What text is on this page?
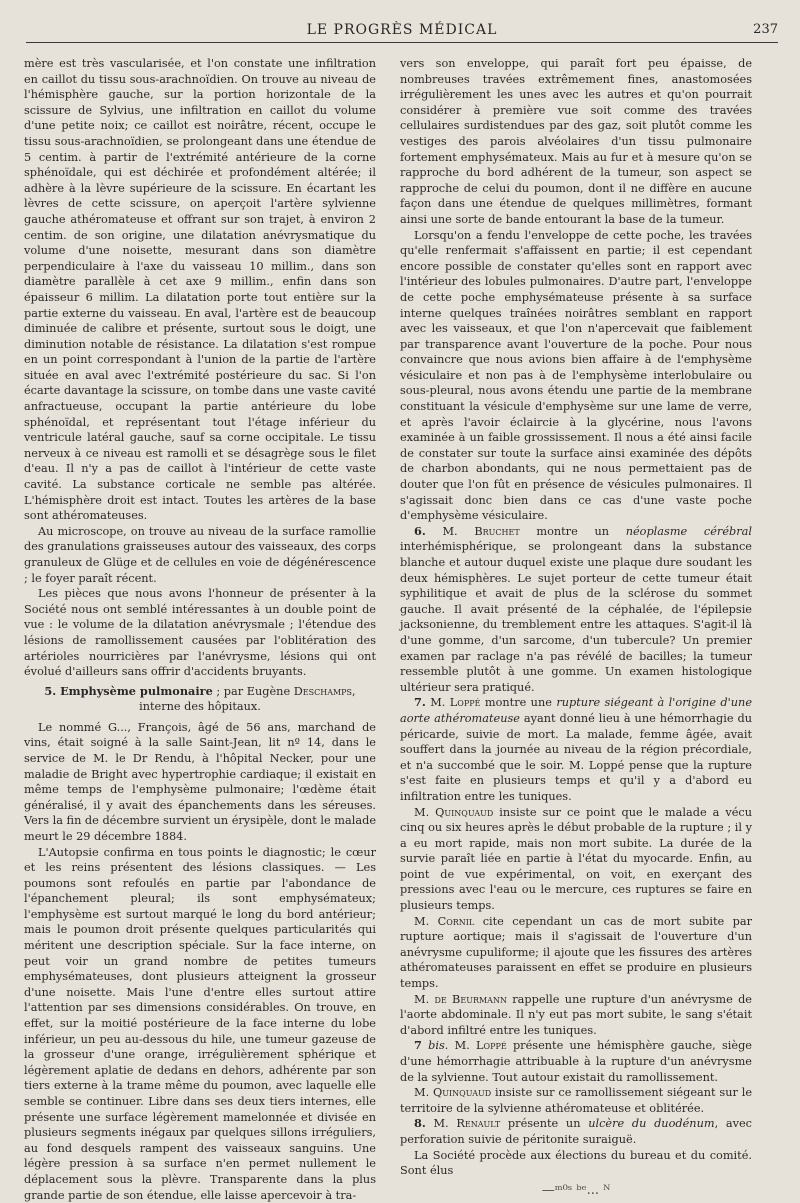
LE PROGRÈS MÉDICAL	237

mère est très vascularisée, et l'on constate une infiltration en caillot du tissu sous-arachnoïdien. On trouve au niveau de l'hémisphère gauche, sur la portion horizontale de la scissure de Sylvius, une infiltration en caillot du volume d'une petite noix; ce caillot est noirâtre, récent, occupe le tissu sous-arachnoïdien, se prolongeant dans une étendue de 5 centim. à partir de l'extrémité antérieure de la corne sphénoïdale, qui est déchirée et profondément altérée; il adhère à la lèvre supérieure de la scissure. En écartant les lèvres de cette scissure, on aperçoit l'artère sylvienne gauche athéromateuse et offrant sur son trajet, à environ 2 centim. de son origine, une dilatation anévrysmatique du volume d'une noisette, mesurant dans son diamètre perpendiculaire à l'axe du vaisseau 10 millim., dans son diamètre parallèle à cet axe 9 millim., enfin dans son épaisseur 6 millim. La dilatation porte tout entière sur la partie externe du vaisseau. En aval, l'artère est de beaucoup diminuée de calibre et présente, surtout sous le doigt, une diminution notable de résistance. La dilatation s'est rompue en un point correspondant à l'union de la partie de l'artère située en aval avec l'extrémité postérieure du sac. Si l'on écarte davantage la scissure, on tombe dans une vaste cavité anfractueuse, occupant la partie antérieure du lobe sphénoïdal, et représentant tout l'étage inférieur du ventricule latéral gauche, sauf sa corne occipitale. Le tissu nerveux à ce niveau est ramolli et se désagrège sous le filet d'eau. Il n'y a pas de caillot à l'intérieur de cette vaste cavité. La substance corticale ne semble pas altérée. L'hémisphère droit est intact. Toutes les artères de la base sont athéromateuses.

Au microscope, on trouve au niveau de la surface ramollie des granulations graisseuses autour des vaisseaux, des corps granuleux de Glüge et de cellules en voie de dégénérescence ; le foyer paraît récent.

Les pièces que nous avons l'honneur de présenter à la Société nous ont semblé intéressantes à un double point de vue : le volume de la dilatation anévrysmale ; l'étendue des lésions de ramollissement causées par l'oblitération des artérioles nourricières par l'anévrysme, lésions qui ont évolué d'ailleurs sans offrir d'accidents bruyants.

5. Emphysème pulmonaire ; par Eugène Deschamps,
interne des hôpitaux.

Le nommé G..., François, âgé de 56 ans, marchand de vins, était soigné à la salle Saint-Jean, lit nº 14, dans le service de M. le Dr Rendu, à l'hôpital Necker, pour une maladie de Bright avec hypertrophie cardiaque; il existait en même temps de l'emphysème pulmonaire; l'œdème était généralisé, il y avait des épanchements dans les séreuses. Vers la fin de décembre survient un érysipèle, dont le malade meurt le 29 décembre 1884.

L'Autopsie confirma en tous points le diagnostic; le cœur et les reins présentent des lésions classiques. — Les poumons sont refoulés en partie par l'abondance de l'épanchement pleural; ils sont emphysémateux; l'emphysème est surtout marqué le long du bord antérieur; mais le poumon droit présente quelques particularités qui méritent une description spéciale. Sur la face interne, on peut voir un grand nombre de petites tumeurs emphysémateuses, dont plusieurs atteignent la grosseur d'une noisette. Mais l'une d'entre elles surtout attire l'attention par ses dimensions considérables. On trouve, en effet, sur la moitié postérieure de la face interne du lobe inférieur, un peu au-dessous du hile, une tumeur gazeuse de la grosseur d'une orange, irrégulièrement sphérique et légèrement aplatie de dedans en dehors, adhérente par son tiers externe à la trame même du poumon, avec laquelle elle semble se continuer. Libre dans ses deux tiers internes, elle présente une surface légèrement mamelonnée et divisée en plusieurs segments inégaux par quelques sillons irréguliers, au fond desquels rampent des vaisseaux sanguins. Une légère pression à sa surface n'en permet nullement le déplacement sous la plèvre. Transparente dans la plus grande partie de son étendue, elle laisse apercevoir à tra-

vers son enveloppe, qui paraît fort peu épaisse, de nombreuses travées extrêmement fines, anastomosées irrégulièrement les unes avec les autres et qu'on pourrait considérer à première vue soit comme des travées cellulaires surdistendues par des gaz, soit plutôt comme les vestiges des parois alvéolaires d'un tissu pulmonaire fortement emphysémateux. Mais au fur et à mesure qu'on se rapproche du bord adhérent de la tumeur, son aspect se rapproche de celui du poumon, dont il ne diffère en aucune façon dans une étendue de quelques millimètres, formant ainsi une sorte de bande entourant la base de la tumeur.

Lorsqu'on a fendu l'enveloppe de cette poche, les travées qu'elle renfermait s'affaissent en partie; il est cependant encore possible de constater qu'elles sont en rapport avec l'intérieur des lobules pulmonaires. D'autre part, l'enveloppe de cette poche emphysémateuse présente à sa surface interne quelques traînées noirâtres semblant en rapport avec les vaisseaux, et que l'on n'apercevait que faiblement par transparence avant l'ouverture de la poche. Pour nous convaincre que nous avions bien affaire à de l'emphysème vésiculaire et non pas à de l'emphysème interlobulaire ou sous-pleural, nous avons étendu une partie de la membrane constituant la vésicule d'emphysème sur une lame de verre, et après l'avoir éclaircie à la glycérine, nous l'avons examinée à un faible grossissement. Il nous a été ainsi facile de constater sur toute la surface ainsi examinée des dépôts de charbon abondants, qui ne nous permettaient pas de douter que l'on fût en présence de vésicules pulmonaires. Il s'agissait donc bien dans ce cas d'une vaste poche d'emphysème vésiculaire.

6. M. Bruchet montre un néoplasme cérébral interhémisphérique, se prolongeant dans la substance blanche et autour duquel existe une plaque dure soudant les deux hémisphères. Le sujet porteur de cette tumeur était syphilitique et avait de plus de la sclérose du sommet gauche. Il avait présenté de la céphalée, de l'épilepsie jacksonienne, du tremblement entre les attaques. S'agit-il là d'une gomme, d'un sarcome, d'un tubercule? Un premier examen par raclage n'a pas révélé de bacilles; la tumeur ressemble plutôt à une gomme. Un examen histologique ultérieur sera pratiqué.

7. M. Loppé montre une rupture siégeant à l'origine d'une aorte athéromateuse ayant donné lieu à une hémorrhagie du péricarde, suivie de mort. La malade, femme âgée, avait souffert dans la journée au niveau de la région précordiale, et n'a succombé que le soir. M. Loppé pense que la rupture s'est faite en plusieurs temps et qu'il y a d'abord eu infiltration entre les tuniques.

M. Quinquaud insiste sur ce point que le malade a vécu cinq ou six heures après le début probable de la rupture ; il y a eu mort rapide, mais non mort subite. La durée de la survie paraît liée en partie à l'état du myocarde. Enfin, au point de vue expérimental, on voit, en exerçant des pressions avec l'eau ou le mercure, ces ruptures se faire en plusieurs temps.

M. Cornil cite cependant un cas de mort subite par rupture aortique; mais il s'agissait de l'ouverture d'un anévrysme cupuliforme; il ajoute que les fissures des artères athéromateuses paraissent en effet se produire en plusieurs temps.

M. de Beurmann rappelle une rupture d'un anévrysme de l'aorte abdominale. Il n'y eut pas mort subite, le sang s'était d'abord infiltré entre les tuniques.

7 bis. M. Loppé présente une hémisphère gauche, siège d'une hémorrhagie attribuable à la rupture d'un anévrysme de la sylvienne. Tout autour existait du ramollissement.

M. Quinquaud insiste sur ce ramollissement siégeant sur le territoire de la sylvienne athéromateuse et oblitérée.

8. M. Renault présente un ulcère du duodénum, avec perforation suivie de péritonite suraiguë.

La Société procède aux élections du bureau et du comité. Sont élus

—ᵐ⁰ˢ ᵇᵉ... ᴺ
